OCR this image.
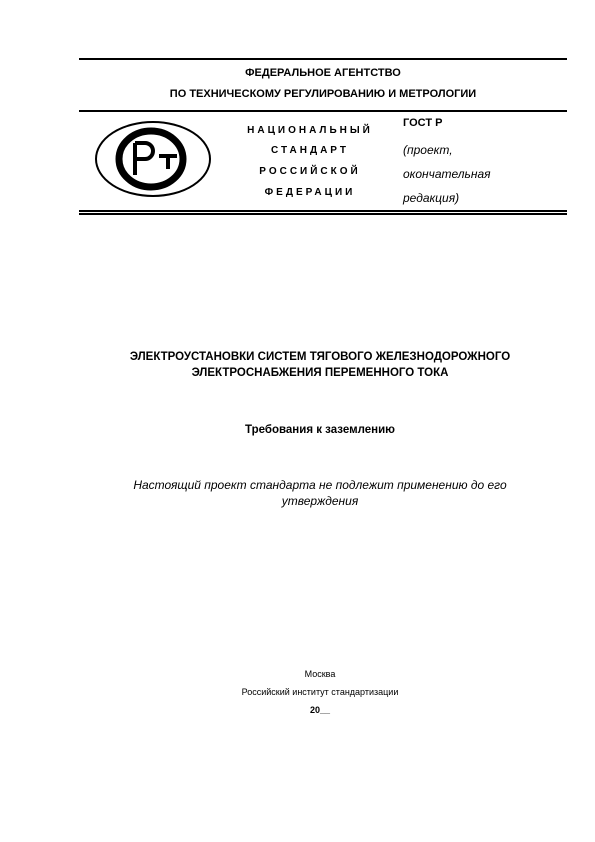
ФЕДЕРАЛЬНОЕ АГЕНТСТВО
ПО ТЕХНИЧЕСКОМУ РЕГУЛИРОВАНИЮ И МЕТРОЛОГИИ
НАЦИОНАЛЬНЫЙ
СТАНДАРТ
РОССИЙСКОЙ
ФЕДЕРАЦИИ
ГОСТ Р
(проект,
окончательная
редакция)
ЭЛЕКТРОУСТАНОВКИ СИСТЕМ ТЯГОВОГО ЖЕЛЕЗНОДОРОЖНОГО
ЭЛЕКТРОСНАБЖЕНИЯ ПЕРЕМЕННОГО ТОКА
Требования к заземлению
Настоящий проект стандарта не подлежит применению до его
утверждения
Москва
Российский институт стандартизации
20__
